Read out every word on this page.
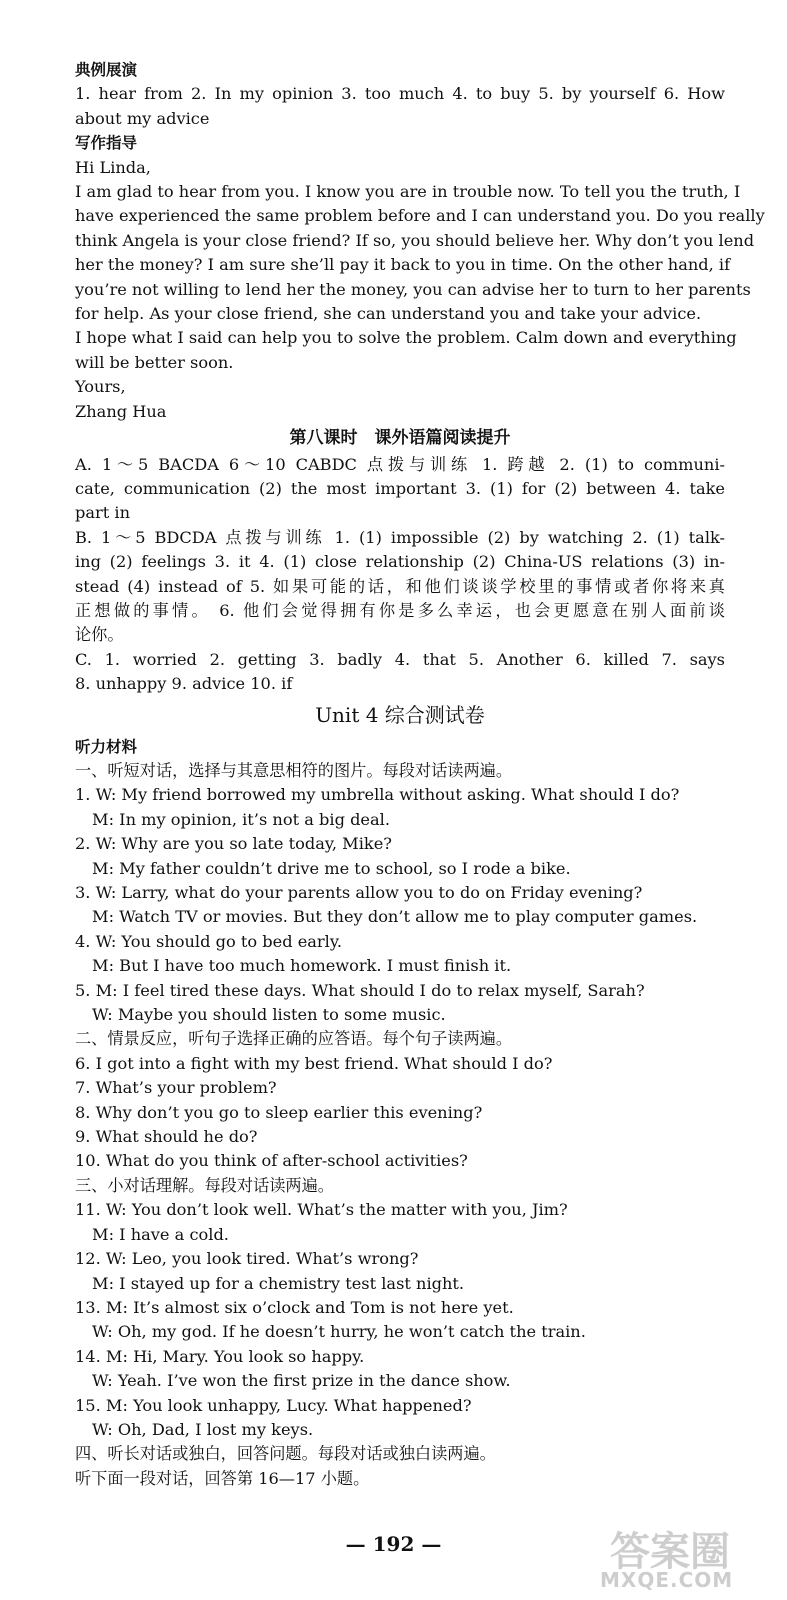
典例展演
1. hear from 2. In my opinion 3. too much 4. to buy 5. by yourself 6. How
about my advice
写作指导
Hi Linda,
I am glad to hear from you. I know you are in trouble now. To tell you the truth, I
have experienced the same problem before and I can understand you. Do you really
think Angela is your close friend? If so, you should believe her. Why don’t you lend
her the money? I am sure she’ll pay it back to you in time. On the other hand, if
you’re not willing to lend her the money, you can advise her to turn to her parents
for help. As your close friend, she can understand you and take your advice.
I hope what I said can help you to solve the problem. Calm down and everything
will be better soon.
Yours,
Zhang Hua
第八课时　课外语篇阅读提升
A. 1～5 BACDA 6～10 CABDC 点拨与训练 1. 跨越 2. (1) to communi-
cate, communication (2) the most important 3. (1) for (2) between 4. take
part in
B. 1～5 BDCDA 点拨与训练 1. (1) impossible (2) by watching 2. (1) talk-
ing (2) feelings 3. it 4. (1) close relationship (2) China-US relations (3) in-
stead (4) instead of 5. 如果可能的话，和他们谈谈学校里的事情或者你将来真
正想做的事情。 6. 他们会觉得拥有你是多么幸运，也会更愿意在别人面前谈
论你。
C. 1. worried 2. getting 3. badly 4. that 5. Another 6. killed 7. says
8. unhappy 9. advice 10. if
Unit 4 综合测试卷
听力材料
一、听短对话，选择与其意思相符的图片。每段对话读两遍。
1. W: My friend borrowed my umbrella without asking. What should I do?
M: In my opinion, it’s not a big deal.
2. W: Why are you so late today, Mike?
M: My father couldn’t drive me to school, so I rode a bike.
3. W: Larry, what do your parents allow you to do on Friday evening?
M: Watch TV or movies. But they don’t allow me to play computer games.
4. W: You should go to bed early.
M: But I have too much homework. I must finish it.
5. M: I feel tired these days. What should I do to relax myself, Sarah?
W: Maybe you should listen to some music.
二、情景反应，听句子选择正确的应答语。每个句子读两遍。
6. I got into a fight with my best friend. What should I do?
7. What’s your problem?
8. Why don’t you go to sleep earlier this evening?
9. What should he do?
10. What do you think of after-school activities?
三、小对话理解。每段对话读两遍。
11. W: You don’t look well. What’s the matter with you, Jim?
M: I have a cold.
12. W: Leo, you look tired. What’s wrong?
M: I stayed up for a chemistry test last night.
13. M: It’s almost six o’clock and Tom is not here yet.
W: Oh, my god. If he doesn’t hurry, he won’t catch the train.
14. M: Hi, Mary. You look so happy.
W: Yeah. I’ve won the first prize in the dance show.
15. M: You look unhappy, Lucy. What happened?
W: Oh, Dad, I lost my keys.
四、听长对话或独白，回答问题。每段对话或独白读两遍。
听下面一段对话，回答第 16—17 小题。
— 192 —	答案圈
MXQE.COM
